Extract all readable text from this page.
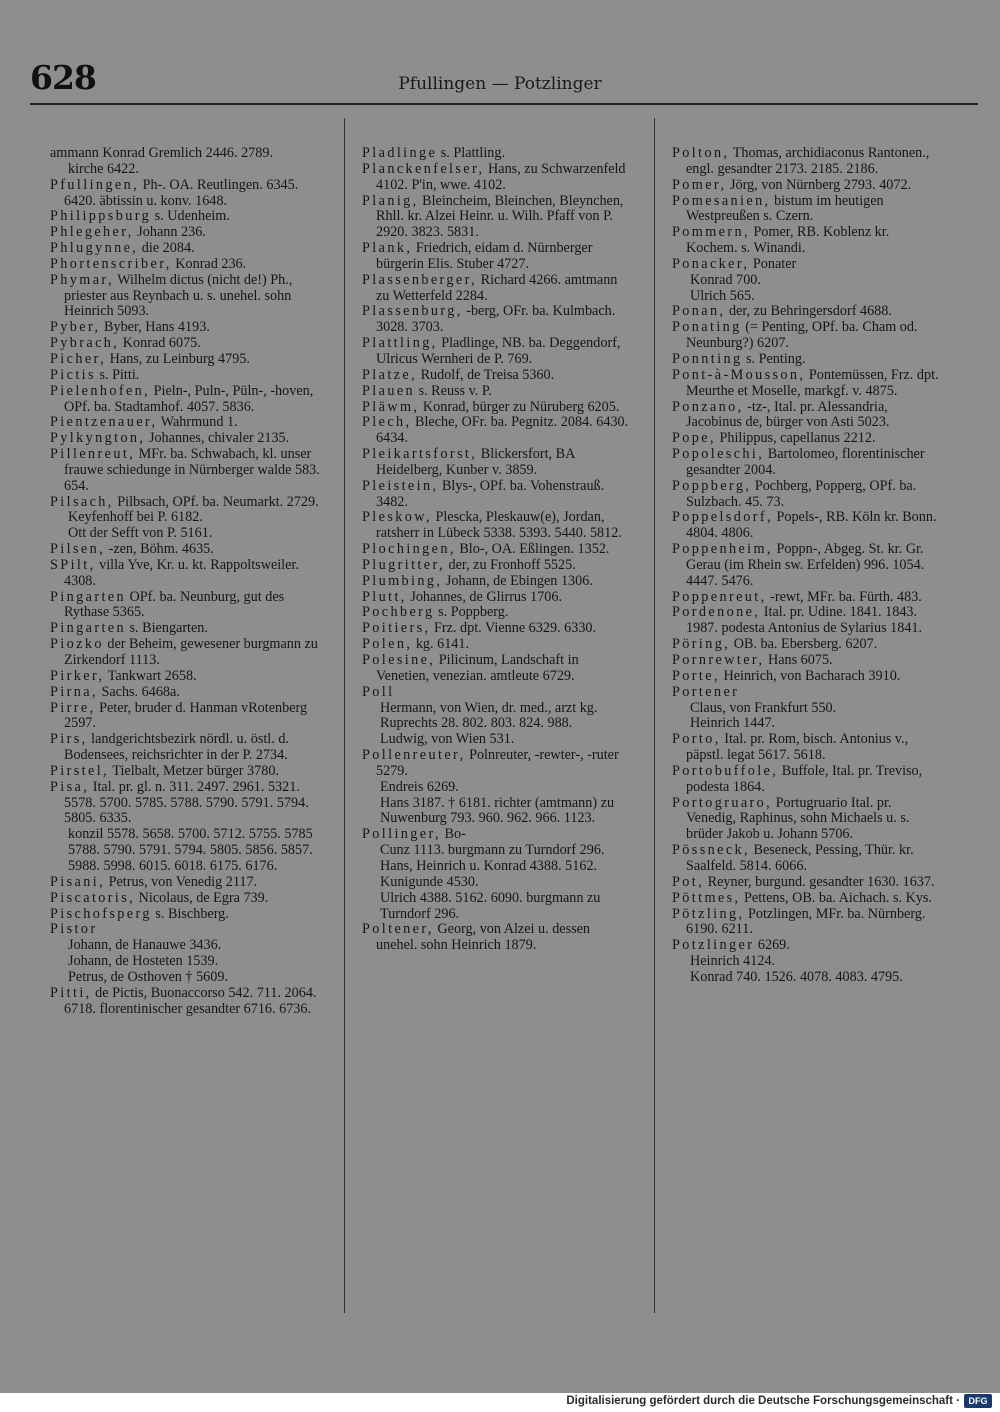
628	Pfullingen — Potzlinger
ammann Konrad Gremlich 2446. 2789.
kirche 6422.
Pfullingen, Ph-. OA. Reutlingen. 6345. 6420. äbtissin u. konv. 1648.
Philippsburg s. Udenheim.
Phlegeher, Johann 236.
Phlugynne, die 2084.
Phortenscriber, Konrad 236.
Phymar, Wilhelm dictus (nicht de!) Ph., priester aus Reynbach u. s. unehel. sohn Heinrich 5093.
Pyber, Byber, Hans 4193.
Pybrach, Konrad 6075.
Picher, Hans, zu Leinburg 4795.
Pictis s. Pitti.
Pielenhofen, Pieln-, Puln-, Püln-, -hoven, OPf. ba. Stadtamhof. 4057. 5836.
Pientzenauer, Wahrmund 1.
Pylkyngton, Johannes, chivaler 2135.
Pillenreut, MFr. ba. Schwabach, kl. unser frauwe schiedunge in Nürnberger walde 583. 654.
Pilsach, Pilbsach, OPf. ba. Neumarkt. 2729.
Keyfenhoff bei P. 6182.
Ott der Sefft von P. 5161.
Pilsen, -zen, Böhm. 4635.
SPilt, villa Yve, Kr. u. kt. Rappoltsweiler. 4308.
Pingarten OPf. ba. Neunburg, gut des Rythase 5365.
Pingarten s. Biengarten.
Piozko der Beheim, gewesener burgmann zu Zirkendorf 1113.
Pirker, Tankwart 2658.
Pirna, Sachs. 6468a.
Pirre, Peter, bruder d. Hanman vRotenberg 2597.
Pirs, landgerichtsbezirk nördl. u. östl. d. Bodensees, reichsrichter in der P. 2734.
Pirstel, Tielbalt, Metzer bürger 3780.
Pisa, Ital. pr. gl. n. 311. 2497. 2961. 5321. 5578. 5700. 5785. 5788. 5790. 5791. 5794. 5805. 6335.
konzil 5578. 5658. 5700. 5712. 5755. 5785 5788. 5790. 5791. 5794. 5805. 5856. 5857. 5988. 5998. 6015. 6018. 6175. 6176.
Pisani, Petrus, von Venedig 2117.
Piscatoris, Nicolaus, de Egra 739.
Pischofsperg s. Bischberg.
Pistor
Johann, de Hanauwe 3436.
Johann, de Hosteten 1539.
Petrus, de Osthoven † 5609.
Pitti, de Pictis, Buonaccorso 542. 711. 2064. 6718. florentinischer gesandter 6716. 6736.
Pladlinge s. Plattling.
Planckenfelser, Hans, zu Schwarzenfeld 4102. P'in, wwe. 4102.
Planig, Bleincheim, Bleinchen, Bleynchen, Rhll. kr. Alzei Heinr. u. Wilh. Pfaff von P. 2920. 3823. 5831.
Plank, Friedrich, eidam d. Nürnberger bürgerin Elis. Stuber 4727.
Plassenberger, Richard 4266. amtmann zu Wetterfeld 2284.
Plassenburg, -berg, OFr. ba. Kulmbach. 3028. 3703.
Plattling, Pladlinge, NB. ba. Deggendorf, Ulricus Wernheri de P. 769.
Platze, Rudolf, de Treisa 5360.
Plauen s. Reuss v. P.
Pläwm, Konrad, bürger zu Nüruberg 6205.
Plech, Bleche, OFr. ba. Pegnitz. 2084. 6430. 6434.
Pleikartsforst, Blickersfort, BA Heidelberg, Kunber v. 3859.
Pleistein, Blys-, OPf. ba. Vohenstrauß. 3482.
Pleskow, Plescka, Pleskauw(e), Jordan, ratsherr in Lübeck 5338. 5393. 5440. 5812.
Plochingen, Blo-, OA. Eßlingen. 1352.
Plugritter, der, zu Fronhoff 5525.
Plumbing, Johann, de Ebingen 1306.
Plutt, Johannes, de Glirrus 1706.
Pochberg s. Poppberg.
Poitiers, Frz. dpt. Vienne 6329. 6330.
Polen, kg. 6141.
Polesine, Pilicinum, Landschaft in Venetien, venezian. amtleute 6729.
Poll
Hermann, von Wien, dr. med., arzt kg. Ruprechts 28. 802. 803. 824. 988.
Ludwig, von Wien 531.
Pollenreuter, Polnreuter, -rewter-, -ruter 5279.
Endreis 6269.
Hans 3187. † 6181. richter (amtmann) zu Nuwenburg 793. 960. 962. 966. 1123.
Pollinger, Bo-
Cunz 1113. burgmann zu Turndorf 296.
Hans, Heinrich u. Konrad 4388. 5162.
Kunigunde 4530.
Ulrich 4388. 5162. 6090. burgmann zu Turndorf 296.
Poltener, Georg, von Alzei u. dessen unehel. sohn Heinrich 1879.
Polton, Thomas, archidiaconus Rantonen., engl. gesandter 2173. 2185. 2186.
Pomer, Jörg, von Nürnberg 2793. 4072.
Pomesanien, bistum im heutigen Westpreußen s. Czern.
Pommern, Pomer, RB. Koblenz kr. Kochem. s. Winandi.
Ponacker, Ponater
Konrad 700.
Ulrich 565.
Ponan, der, zu Behringersdorf 4688.
Ponating (= Penting, OPf. ba. Cham od. Neunburg?) 6207.
Ponnting s. Penting.
Pont-à-Mousson, Pontemüssen, Frz. dpt. Meurthe et Moselle, markgf. v. 4875.
Ponzano, -tz-, Ital. pr. Alessandria, Jacobinus de, bürger von Asti 5023.
Pope, Philippus, capellanus 2212.
Popoleschi, Bartolomeo, florentinischer gesandter 2004.
Poppberg, Pochberg, Popperg, OPf. ba. Sulzbach. 45. 73.
Poppelsdorf, Popels-, RB. Köln kr. Bonn. 4804. 4806.
Poppenheim, Poppn-, Abgeg. St. kr. Gr. Gerau (im Rhein sw. Erfelden) 996. 1054. 4447. 5476.
Poppenreut, -rewt, MFr. ba. Fürth. 483.
Pordenone, Ital. pr. Udine. 1841. 1843. 1987. podesta Antonius de Sylarius 1841.
Pöring, OB. ba. Ebersberg. 6207.
Pornrewter, Hans 6075.
Porte, Heinrich, von Bacharach 3910.
Portener
Claus, von Frankfurt 550.
Heinrich 1447.
Porto, Ital. pr. Rom, bisch. Antonius v., päpstl. legat 5617. 5618.
Portobuffole, Buffole, Ital. pr. Treviso, podesta 1864.
Portogruaro, Portugruario Ital. pr. Venedig, Raphinus, sohn Michaels u. s. brüder Jakob u. Johann 5706.
Pössneck, Beseneck, Pessing, Thür. kr. Saalfeld. 5814. 6066.
Pot, Reyner, burgund. gesandter 1630. 1637.
Pöttmes, Pettens, OB. ba. Aichach. s. Kys.
Pötzling, Potzlingen, MFr. ba. Nürnberg. 6190. 6211.
Potzlinger 6269.
Heinrich 4124.
Konrad 740. 1526. 4078. 4083. 4795.
Digitalisierung gefördert durch die Deutsche Forschungsgemeinschaft · DFG
